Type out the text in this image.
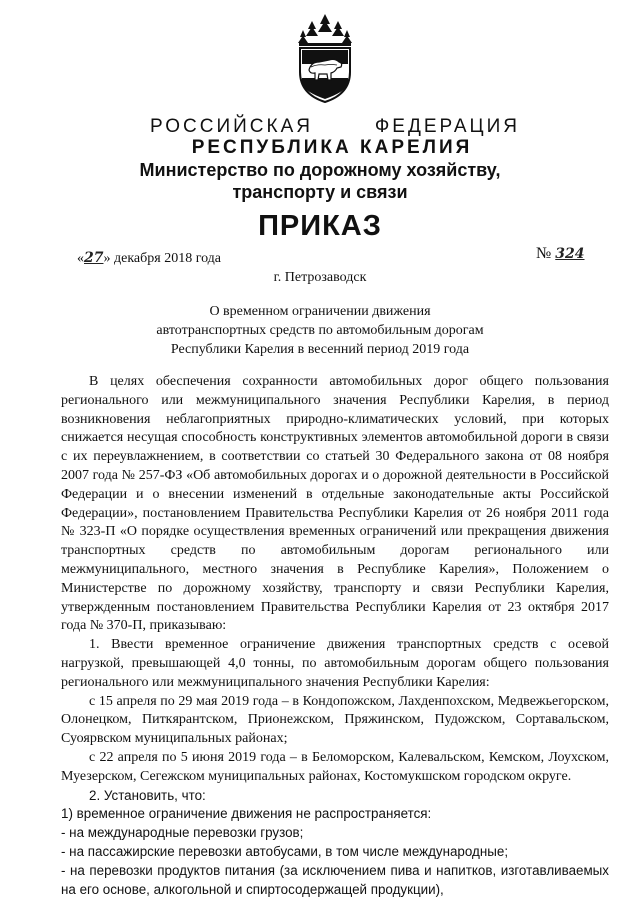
РОССИЙСКАЯ	ФЕДЕРАЦИЯ
РЕСПУБЛИКА КАРЕЛИЯ
Министерство по дорожному хозяйству,
транспорту и связи
ПРИКАЗ
«27» декабря 2018 года	№ 324
г. Петрозаводск
О временном ограничении движения
автотранспортных средств по автомобильным дорогам
Республики Карелия в весенний период 2019 года

В целях обеспечения сохранности автомобильных дорог общего пользования регионального или межмуниципального значения Республики Карелия, в период возникновения неблагоприятных природно-климатических условий, при которых снижается несущая способность конструктивных элементов автомобильной дороги в связи с их переувлажнением, в соответствии со статьей 30 Федерального закона от 08 ноября 2007 года № 257-ФЗ «Об автомобильных дорогах и о дорожной деятельности в Российской Федерации и о внесении изменений в отдельные законодательные акты Российской Федерации», постановлением Правительства Республики Карелия от 26 ноября 2011 года № 323-П «О порядке осуществления временных ограничений или прекращения движения транспортных средств по автомобильным дорогам регионального или межмуниципального, местного значения в Республике Карелия», Положением о Министерстве по дорожному хозяйству, транспорту и связи Республики Карелия, утвержденным постановлением Правительства Республики Карелия от 23 октября 2017 года № 370-П, приказываю:

1. Ввести временное ограничение движения транспортных средств с осевой нагрузкой, превышающей 4,0 тонны, по автомобильным дорогам общего пользования регионального или межмуниципального значения Республики Карелия:

с 15 апреля по 29 мая 2019 года – в Кондопожском, Лахденпохском, Медвежьегорском, Олонецком, Питкярантском, Прионежском, Пряжинском, Пудожском, Сортавальском, Суоярвском муниципальных районах;

с 22 апреля по 5 июня 2019 года – в Беломорском, Калевальском, Кемском, Лоухском, Муезерском, Сегежском муниципальных районах, Костомукшском городском округе.

2. Установить, что:

1) временное ограничение движения не распространяется:

- на международные перевозки грузов;

- на пассажирские перевозки автобусами, в том числе международные;

- на перевозки продуктов питания (за исключением пива и напитков, изготавливаемых на его основе, алкогольной и спиртосодержащей продукции),
